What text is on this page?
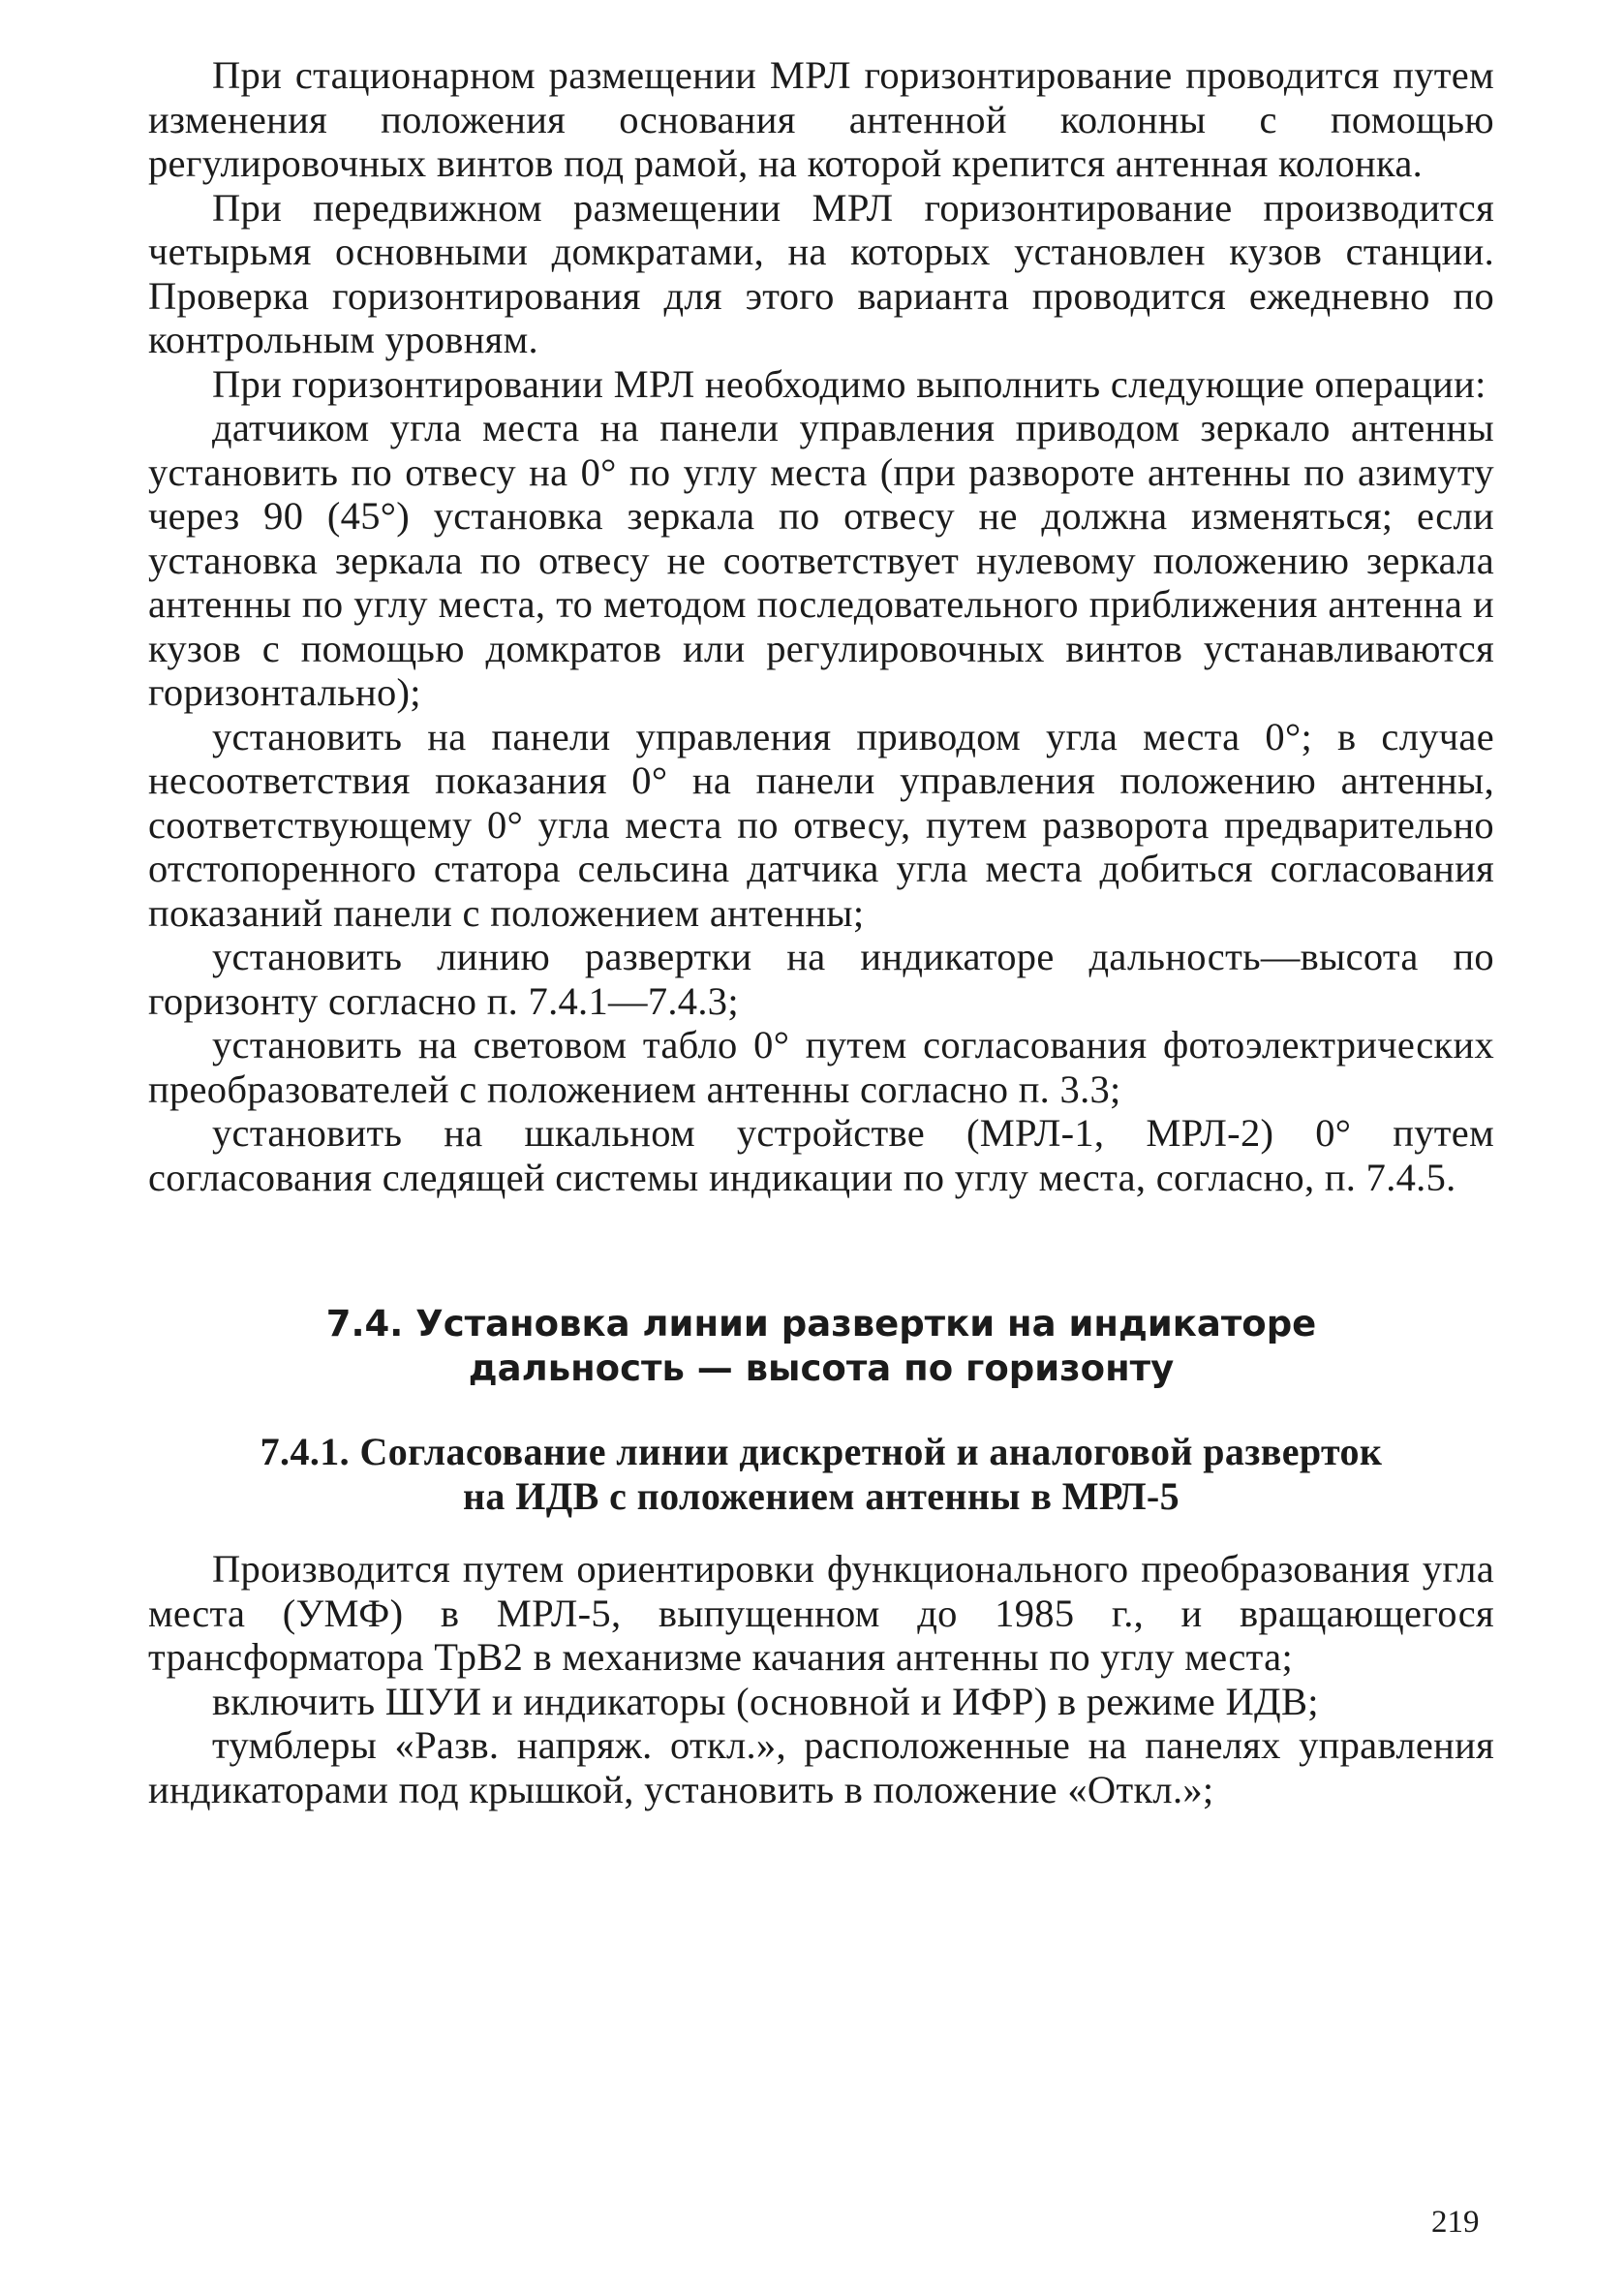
При стационарном размещении МРЛ горизонтирование проводится путем изменения положения основания антенной колонны с помощью регулировочных винтов под рамой, на которой крепится антенная колонка.

При передвижном размещении МРЛ горизонтирование производится четырьмя основными домкратами, на которых установлен кузов станции. Проверка горизонтирования для этого варианта проводится ежедневно по контрольным уровням.

При горизонтировании МРЛ необходимо выполнить следующие операции:

датчиком угла места на панели управления приводом зеркало антенны установить по отвесу на 0° по углу места (при развороте антенны по азимуту через 90 (45°) установка зеркала по отвесу не должна изменяться; если установка зеркала по отвесу не соответствует нулевому положению зеркала антенны по углу места, то методом последовательного приближения антенна и кузов с помощью домкратов или регулировочных винтов устанавливаются горизонтально);

установить на панели управления приводом угла места 0°; в случае несоответствия показания 0° на панели управления положению антенны, соответствующему 0° угла места по отвесу, путем разворота предварительно отстопоренного статора сельсина датчика угла места добиться согласования показаний панели с положением антенны;

установить линию развертки на индикаторе дальность—высота по горизонту согласно п. 7.4.1—7.4.3;

установить на световом табло 0° путем согласования фотоэлектрических преобразователей с положением антенны согласно п. 3.3;

установить на шкальном устройстве (МРЛ-1, МРЛ-2) 0° путем согласования следящей системы индикации по углу места, согласно, п. 7.4.5.

7.4. Установка линии развертки на индикаторе
дальность — высота по горизонту
7.4.1. Согласование линии дискретной и аналоговой разверток
на ИДВ с положением антенны в МРЛ-5

Производится путем ориентировки функционального преобразования угла места (УМФ) в МРЛ-5, выпущенном до 1985 г., и вращающегося трансформатора ТрВ2 в механизме качания антенны по углу места;

включить ШУИ и индикаторы (основной и ИФР) в режиме ИДВ;

тумблеры «Разв. напряж. откл.», расположенные на панелях управления индикаторами под крышкой, установить в положение «Откл.»;

219
